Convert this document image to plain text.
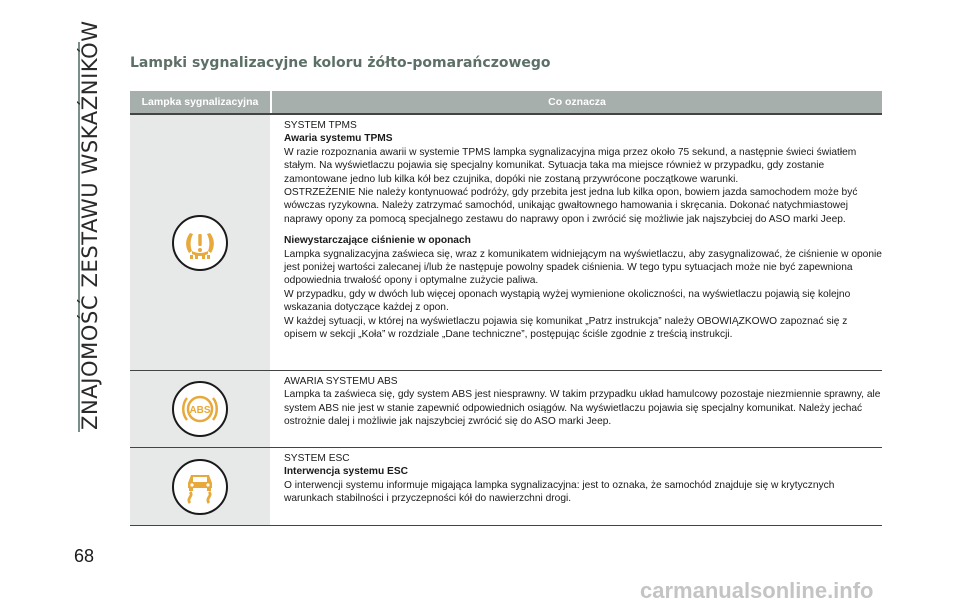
ZNAJOMOŚĆ ZESTAWU WSKAŹNIKÓW
68
Lampki sygnalizacyjne koloru żółto-pomarańczowego
Lampka sygnalizacyjna	Co oznacza

SYSTEM TPMS

Awaria systemu TPMS

W razie rozpoznania awarii w systemie TPMS lampka sygnalizacyjna miga przez około 75 sekund, a następnie świeci światłem stałym. Na wyświetlaczu pojawia się specjalny komunikat. Sytuacja taka ma miejsce również w przypadku, gdy zostanie zamontowane jedno lub kilka kół bez czujnika, dopóki nie zostaną przywrócone początkowe warunki.

OSTRZEŻENIE Nie należy kontynuować podróży, gdy przebita jest jedna lub kilka opon, bowiem jazda samochodem może być wówczas ryzykowna. Należy zatrzymać samochód, unikając gwałtownego hamowania i skręcania. Dokonać natychmiastowej naprawy opony za pomocą specjalnego zestawu do naprawy opon i zwrócić się możliwie jak najszybciej do ASO marki Jeep.

Niewystarczające ciśnienie w oponach

Lampka sygnalizacyjna zaświeca się, wraz z komunikatem widniejącym na wyświetlaczu, aby zasygnalizować, że ciśnienie w oponie jest poniżej wartości zalecanej i/lub że następuje powolny spadek ciśnienia. W tego typu sytuacjach może nie być zapewniona odpowiednia trwałość opony i optymalne zużycie paliwa.

W przypadku, gdy w dwóch lub więcej oponach wystąpią wyżej wymienione okoliczności, na wyświetlaczu pojawią się kolejno wskazania dotyczące każdej z opon.

W każdej sytuacji, w której na wyświetlaczu pojawia się komunikat „Patrz instrukcja” należy OBOWIĄZKOWO zapoznać się z opisem w sekcji „Koła” w rozdziale „Dane techniczne”, postępując ściśle zgodnie z treścią instrukcji.

ABS

AWARIA SYSTEMU ABS

Lampka ta zaświeca się, gdy system ABS jest niesprawny. W takim przypadku układ hamulcowy pozostaje niezmiennie sprawny, ale system ABS nie jest w stanie zapewnić odpowiednich osiągów. Na wyświetlaczu pojawia się specjalny komunikat. Należy jechać ostrożnie dalej i możliwie jak najszybciej zwrócić się do ASO marki Jeep.

SYSTEM ESC

Interwencja systemu ESC

O interwencji systemu informuje migająca lampka sygnalizacyjna: jest to oznaka, że samochód znajduje się w krytycznych warunkach stabilności i przyczepności kół do nawierzchni drogi.

carmanualsonline.info
